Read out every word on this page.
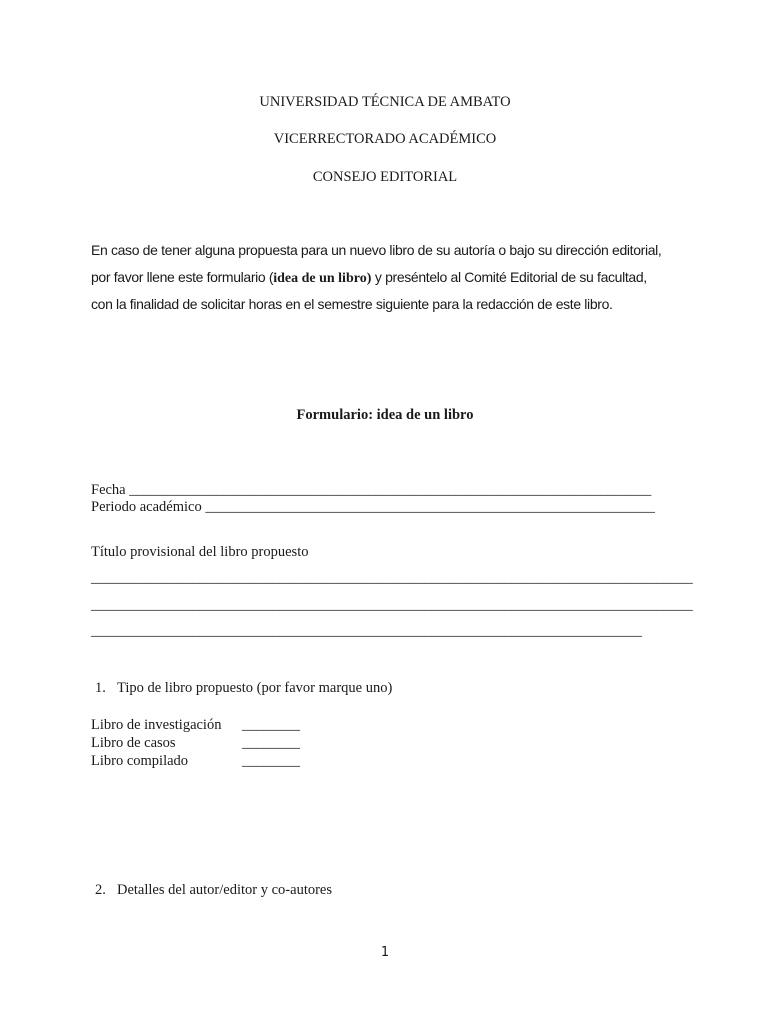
UNIVERSIDAD TÉCNICA DE AMBATO
VICERRECTORADO ACADÉMICO
CONSEJO EDITORIAL
En caso de tener alguna propuesta para un nuevo libro de su autoría o bajo su dirección editorial,
por favor llene este formulario (idea de un libro) y preséntelo al Comité Editorial de su facultad,
con la finalidad de solicitar horas en el semestre siguiente para la redacción de este libro.
Formulario: idea de un libro
Fecha ________________________________________________________________________
Periodo académico ______________________________________________________________
Título provisional del libro propuesto
___________________________________________________________________________________
___________________________________________________________________________________
____________________________________________________________________________
1. Tipo de libro propuesto (por favor marque uno)
Libro de investigación ________
Libro de casos	________
Libro compilado	________
2. Detalles del autor/editor y co-autores
1
